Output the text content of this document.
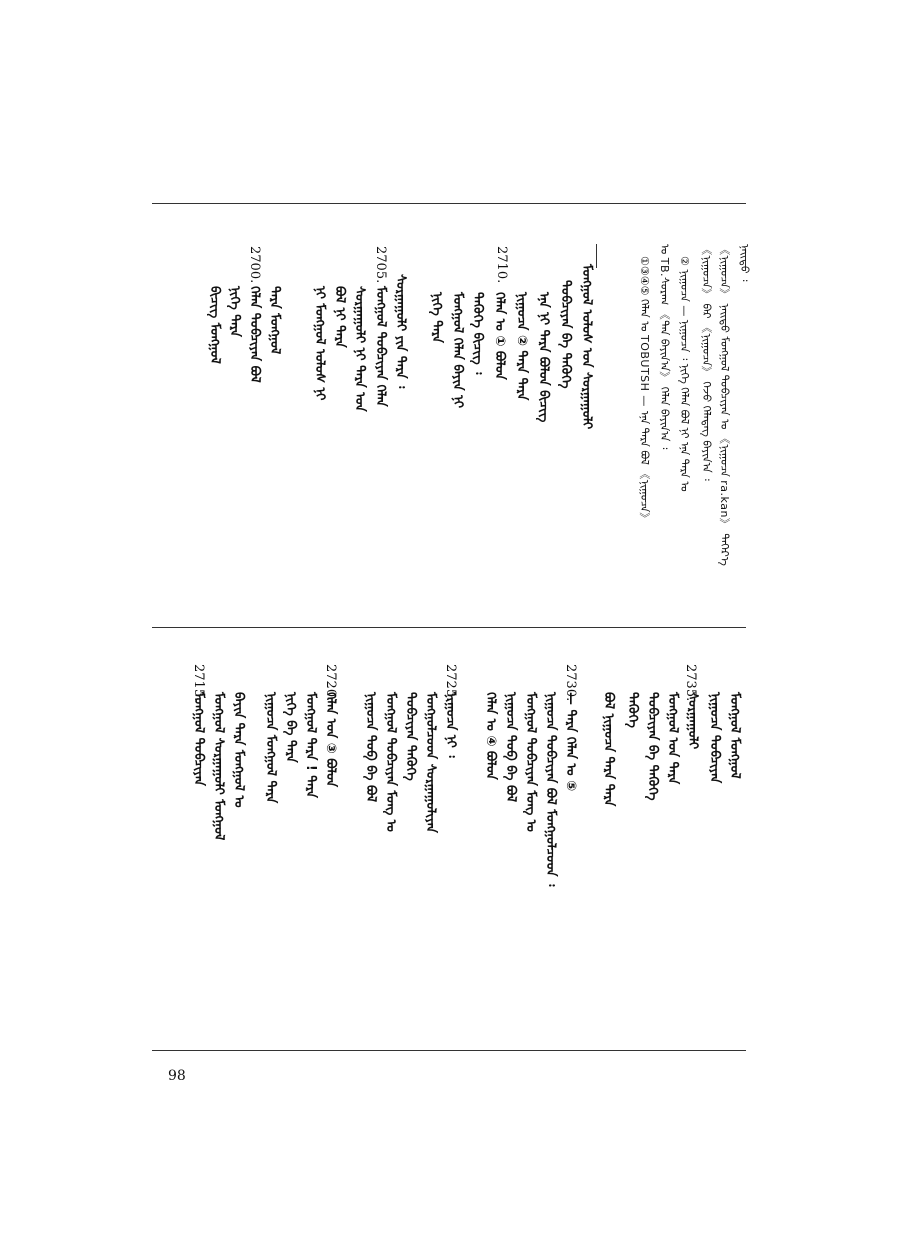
ᠨᠡᠢᠲᠦ ᠄
《ᠨᠢᠭᠤᠴᠠ》 ᠨᠡᠢᠲᠦ ᠮᠣᠩᠭᠣᠯ ᠲᠣᠪᠴᠢᠶᠠᠨ ᠤ 《ᠨᠢᠭᠤᠴᠠ ra.kan》 ᠳᠡᠭᠡᠷ᠎ᠡ
《ᠨᠢᠭᠤᠴᠠ》 ᠪᠠᠷ 《ᠨᠢᠭᠤᠴᠠ》 ᠭᠡᠵᠦ ᠬᠡᠯᠡᠳᠡᠭ ᠪᠠᠶᠢᠨ᠎ᠠ ᠄
② ᠨᠢᠭᠤᠴᠠ — ᠨᠢᠭᠤᠴᠠ ᠄ ᠨᠢᠭᠡ ᠬᠡᠯᠡᠨ ᠪᠣᠯ ᠨᠢ ᠡᠨᠡ ᠲᠡᠷᠡ ᠤ
ᠤ TB.ᠰᠣᠷᠠᠭ 《ᠲᠠᠨ ᠪᠠᠶᠢᠨ᠎ᠠ》 ᠬᠡᠯᠡᠨ ᠪᠠᠶᠢᠨ᠎ᠠ ᠄
①③④⑤ ᠬᠡᠯᠡᠨ ᠤ TOBUTSH — ᠡᠨᠡ ᠲᠡᠷᠡ ᠪᠣᠯ 《ᠨᠢᠭᠤᠴᠠ》
ᠮᠣᠩᠭᠣᠯ ᠤᠯᠤᠰ ᠤᠨ ᠰᠤᠷᠭᠠᠭᠤᠯᠢ
ᠲᠣᠪᠴᠢᠶᠠᠨ ᠪᠠ ᠲᠡᠭᠦᠬᠡ
ᠡᠨᠡ ᠨᠢ ᠲᠡᠷᠡ ᠪᠣᠯᠤᠨ ᠪᠢᠴᠢᠭ
ᠨᠢᠭᠤᠴᠠ ② ᠲᠡᠷᠡ ᠲᠡᠷᠡ
ᠬᠡᠯᠡᠨ ᠤ ① ᠪᠣᠯᠤᠨ
ᠲᠡᠭᠦᠬᠡ ᠪᠢᠴᠢᠭ ᠄
ᠮᠣᠩᠭᠣᠯ ᠬᠡᠯᠡᠨ ᠪᠠᠶᠢᠨ ᠨᠢ
ᠨᠢᠭᠡ ᠲᠡᠷᠡ
ᠰᠤᠷᠭᠠᠭᠤᠯᠢ ᠶᠢᠨ ᠲᠡᠷᠡ ᠄
ᠮᠣᠩᠭᠣᠯ ᠲᠣᠪᠴᠢᠶᠠᠨ ᠬᠡᠯᠡᠨ
ᠰᠤᠷᠭᠠᠭᠤᠯᠢ ᠨᠢ ᠲᠡᠷᠡ ᠤᠨ
ᠪᠣᠯ ᠨᠢ ᠲᠡᠷᠡ
ᠨᠢ ᠮᠣᠩᠭᠣᠯ ᠤᠯᠤᠰ ᠨᠢ
ᠲᠡᠷᠡ ᠮᠣᠩᠭᠣᠯ
ᠬᠡᠯᠡᠨ ᠲᠣᠪᠴᠢᠶᠠᠨ ᠪᠣᠯ
ᠨᠢᠭᠡ ᠲᠡᠷᠡ
ᠪᠢᠴᠢᠭ ᠮᠣᠩᠭᠣᠯ
2710.
2705.
2700.
ᠮᠣᠩᠭᠣᠯ ᠮᠣᠩᠭᠣᠯ
ᠨᠢᠭᠤᠴᠠ ᠲᠣᠪᠴᠢᠶᠠᠨ
ᠰᠤᠷᠭᠠᠭᠤᠯᠢ
ᠮᠣᠩᠭᠣᠯ ᠤᠨ ᠲᠡᠷᠡ
ᠲᠣᠪᠴᠢᠶᠠᠨ ᠪᠠ ᠲᠡᠭᠦᠬᠡ
ᠲᠡᠭᠦᠬᠡ
ᠪᠣᠯ ᠨᠢᠭᠤᠴᠠ ᠲᠡᠷᠡ ᠲᠡᠷᠡ
— ᠲᠡᠷᠡ ᠬᠡᠯᠡᠨ ᠤ ⑤
ᠨᠢᠭᠤᠴᠠ ᠲᠣᠪᠴᠢᠶᠠᠨ ᠪᠣᠯ ᠮᠣᠩᠭᠣᠯᠴᠤᠳ ᠄
ᠮᠣᠩᠭᠣᠯ ᠲᠣᠪᠴᠢᠶᠠᠨ ᠮᠣᠩ ᠤ
ᠨᠢᠭᠤᠴᠠ ᠲᠣᠪ ᠪᠠ ᠪᠣᠯ
ᠬᠡᠯᠡᠨ ᠤ ④ ᠪᠣᠯᠤᠨ
ᠨᠢᠭᠤᠴᠠ ᠨᠢ ᠄
ᠮᠣᠩᠭᠣᠯᠴᠤᠳ ᠰᠤᠷᠭᠠᠭᠤᠯᠢᠶᠠᠨ
ᠲᠣᠪᠴᠢᠶᠠᠨ ᠲᠡᠭᠦᠬᠡ
ᠮᠣᠩᠭᠣᠯ ᠲᠣᠪᠴᠢᠶᠠᠨ ᠮᠣᠩ ᠤ
ᠨᠢᠭᠤᠴᠠ ᠲᠣᠪ ᠪᠠ ᠪᠣᠯ
ᠬᠡᠯᠡᠨ ᠤᠨ ③ ᠪᠣᠯᠤᠨ
ᠮᠣᠩᠭᠣᠯ ᠲᠡᠷᠡ ! ᠲᠡᠷᠡ
ᠨᠢᠭᠡ ᠪᠠ ᠲᠡᠷᠡ
ᠨᠢᠭᠤᠴᠠ ᠮᠣᠩᠭᠣᠯ ᠲᠡᠷᠡ
ᠪᠠᠶᠢᠨ ᠲᠡᠷᠡ ᠮᠣᠩᠭᠣᠯ ᠤ
ᠮᠣᠩᠭᠣᠯ ᠰᠤᠷᠭᠠᠭᠤᠯᠢ ᠮᠣᠩᠭᠣᠯ
ᠮᠣᠩᠭᠣᠯ ᠲᠣᠪᠴᠢᠶᠠᠨ
2735.
2730.
2725.
2720.
2715.
98
